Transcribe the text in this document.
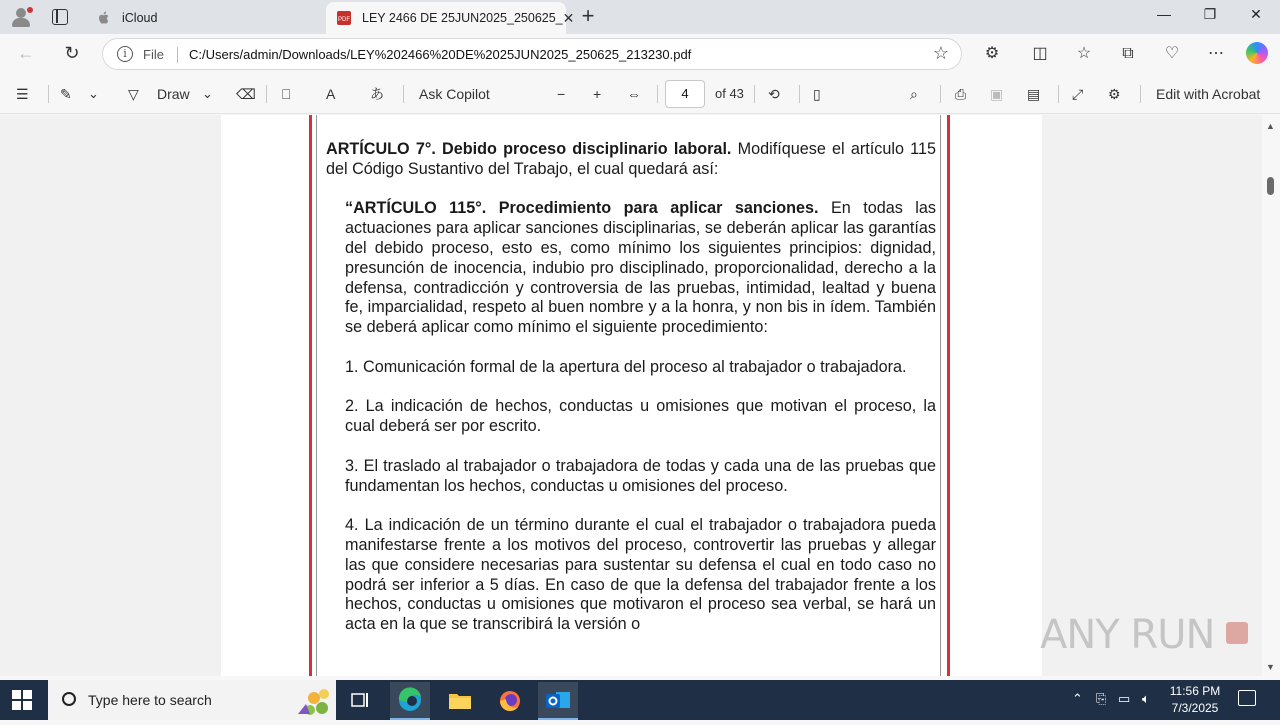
iCloud	PDF LEY 2466 DE 25JUN2025_250625_ ✕ +	—	❐	✕
← ↻	i	File C:/Users/admin/Downloads/LEY%202466%20DE%2025JUN2025_250625_213230.pdf	☆	⚙	◫	☆	⧉	♡	⋯
☰ ✎ ⌄ ▽ Draw ⌄ ⌫ ⎕	A あ	Ask Copilot	− + ⇔	4	of 43 ⟲ ▯	⌕	⎙ ▣ ▤ ⤢ ⚙	Edit with Acrobat

ARTÍCULO 7°. Debido proceso disciplinario laboral. Modifíquese el artículo 115 del Código Sustantivo del Trabajo, el cual quedará así:

“ARTÍCULO 115°. Procedimiento para aplicar sanciones. En todas las actuaciones para aplicar sanciones disciplinarias, se deberán aplicar las garantías del debido proceso, esto es, como mínimo los siguientes principios: dignidad, presunción de inocencia, indubio pro disciplinado, proporcionalidad, derecho a la defensa, contradicción y controversia de las pruebas, intimidad, lealtad y buena fe, imparcialidad, respeto al buen nombre y a la honra, y non bis in ídem. También se deberá aplicar como mínimo el siguiente procedimiento:

1. Comunicación formal de la apertura del proceso al trabajador o trabajadora.

2. La indicación de hechos, conductas u omisiones que motivan el proceso, la cual deberá ser por escrito.

3. El traslado al trabajador o trabajadora de todas y cada una de las pruebas que fundamentan los hechos, conductas u omisiones del proceso.

4. La indicación de un término durante el cual el trabajador o trabajadora pueda manifestarse frente a los motivos del proceso, controvertir las pruebas y allegar las que considere necesarias para sustentar su defensa el cual en todo caso no podrá ser inferior a 5 días. En caso de que la defensa del trabajador frente a los hechos, conductas u omisiones que motivaron el proceso sea verbal, se hará un acta en la que se transcribirá la versión o

▲
▼
ANY RUN
Type here to search	⌃ ⎘ ▭ 🔈︎	11:56 PM
7/3/2025
